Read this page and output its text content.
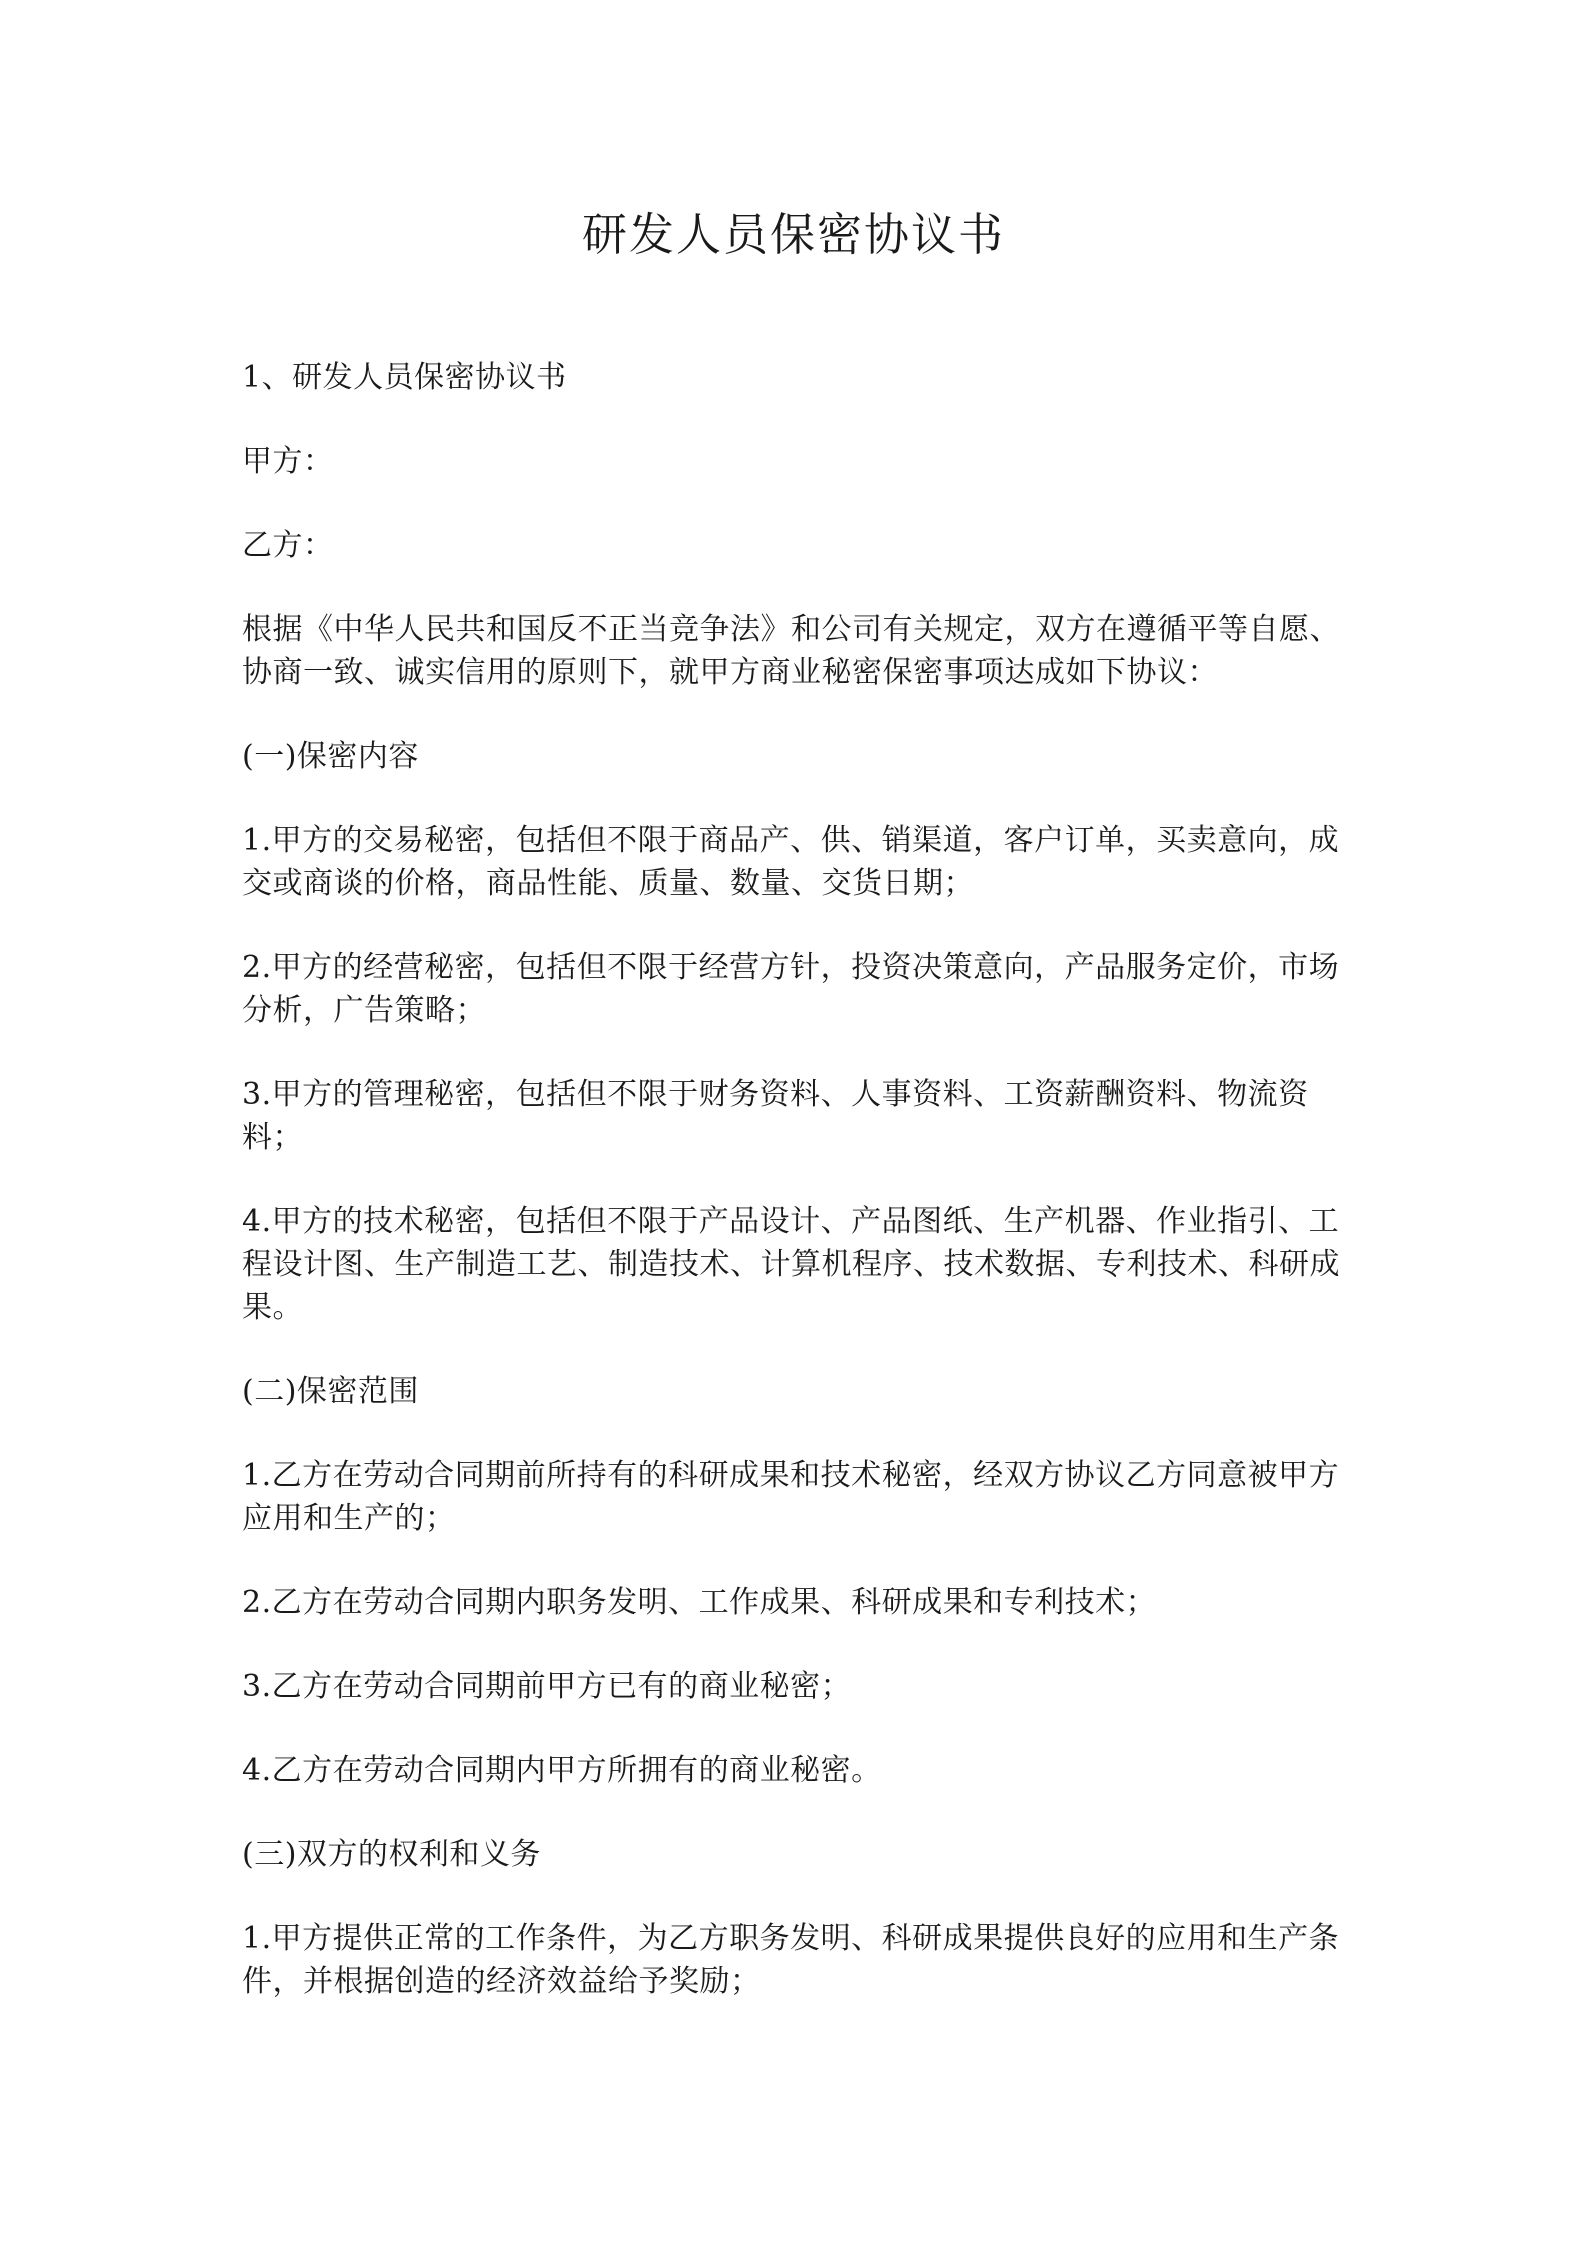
研发人员保密协议书

1、研发人员保密协议书

甲方：

乙方：

根据《中华人民共和国反不正当竞争法》和公司有关规定，双方在遵循平等自愿、协商一致、诚实信用的原则下，就甲方商业秘密保密事项达成如下协议：

(一)保密内容

1.甲方的交易秘密，包括但不限于商品产、供、销渠道，客户订单，买卖意向，成交或商谈的价格，商品性能、质量、数量、交货日期；

2.甲方的经营秘密，包括但不限于经营方针，投资决策意向，产品服务定价，市场分析，广告策略；

3.甲方的管理秘密，包括但不限于财务资料、人事资料、工资薪酬资料、物流资料；

4.甲方的技术秘密，包括但不限于产品设计、产品图纸、生产机器、作业指引、工程设计图、生产制造工艺、制造技术、计算机程序、技术数据、专利技术、科研成果。

(二)保密范围

1.乙方在劳动合同期前所持有的科研成果和技术秘密，经双方协议乙方同意被甲方应用和生产的；

2.乙方在劳动合同期内职务发明、工作成果、科研成果和专利技术；

3.乙方在劳动合同期前甲方已有的商业秘密；

4.乙方在劳动合同期内甲方所拥有的商业秘密。

(三)双方的权利和义务

1.甲方提供正常的工作条件，为乙方职务发明、科研成果提供良好的应用和生产条件，并根据创造的经济效益给予奖励；
